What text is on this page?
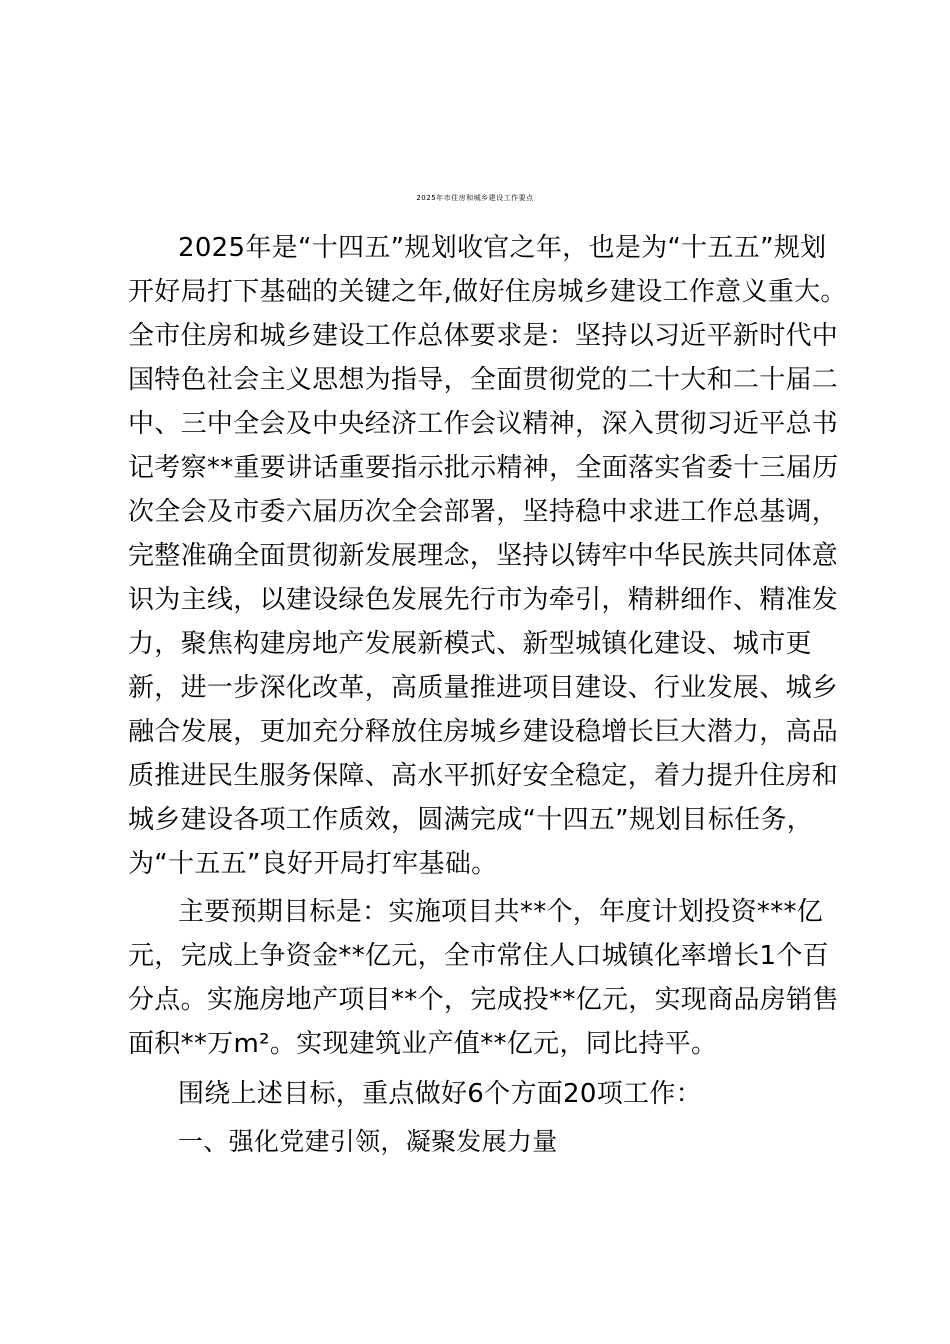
2025年市住房和城乡建设工作要点
2025年是“十四五”规划收官之年，也是为“十五五”规划
开好局打下基础的关键之年,做好住房城乡建设工作意义重大。
全市住房和城乡建设工作总体要求是：坚持以习近平新时代中
国特色社会主义思想为指导，全面贯彻党的二十大和二十届二
中、三中全会及中央经济工作会议精神，深入贯彻习近平总书
记考察**重要讲话重要指示批示精神，全面落实省委十三届历
次全会及市委六届历次全会部署，坚持稳中求进工作总基调，
完整准确全面贯彻新发展理念，坚持以铸牢中华民族共同体意
识为主线，以建设绿色发展先行市为牵引，精耕细作、精准发
力，聚焦构建房地产发展新模式、新型城镇化建设、城市更
新，进一步深化改革，高质量推进项目建设、行业发展、城乡
融合发展，更加充分释放住房城乡建设稳增长巨大潜力，高品
质推进民生服务保障、高水平抓好安全稳定，着力提升住房和
城乡建设各项工作质效，圆满完成“十四五”规划目标任务，
为“十五五”良好开局打牢基础。
主要预期目标是：实施项目共**个，年度计划投资***亿
元，完成上争资金**亿元，全市常住人口城镇化率增长1个百
分点。实施房地产项目**个，完成投**亿元，实现商品房销售
面积**万m²。实现建筑业产值**亿元，同比持平。
围绕上述目标，重点做好6个方面20项工作：
一、强化党建引领，凝聚发展力量
